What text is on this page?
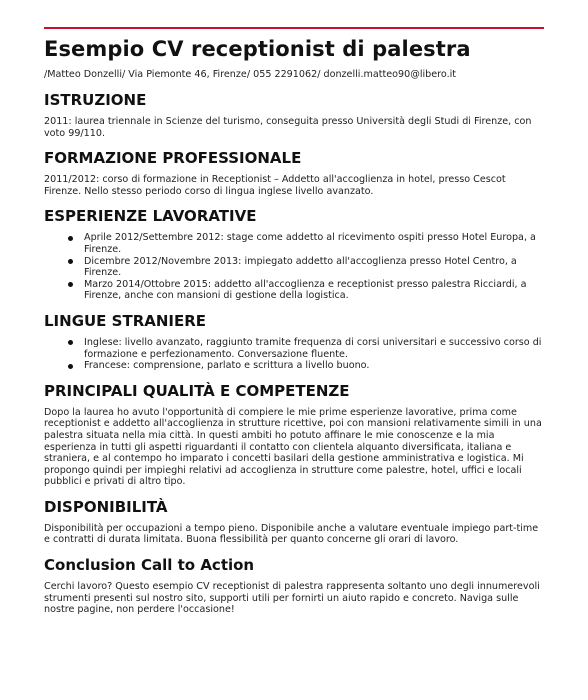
Esempio CV receptionist di palestra

/Matteo Donzelli/ Via Piemonte 46, Firenze/ 055 2291062/ donzelli.matteo90@libero.it

ISTRUZIONE

2011: laurea triennale in Scienze del turismo, conseguita presso Università degli Studi di Firenze, con voto 99/110.

FORMAZIONE PROFESSIONALE

2011/2012: corso di formazione in Receptionist – Addetto all'accoglienza in hotel, presso Cescot Firenze. Nello stesso periodo corso di lingua inglese livello avanzato.

ESPERIENZE LAVORATIVE
Aprile 2012/Settembre 2012: stage come addetto al ricevimento ospiti presso Hotel Europa, a Firenze.
Dicembre 2012/Novembre 2013: impiegato addetto all'accoglienza presso Hotel Centro, a Firenze.
Marzo 2014/Ottobre 2015: addetto all'accoglienza e receptionist presso palestra Ricciardi, a Firenze, anche con mansioni di gestione della logistica.
LINGUE STRANIERE
Inglese: livello avanzato, raggiunto tramite frequenza di corsi universitari e successivo corso di formazione e perfezionamento. Conversazione fluente.
Francese: comprensione, parlato e scrittura a livello buono.
PRINCIPALI QUALITÀ E COMPETENZE

Dopo la laurea ho avuto l'opportunità di compiere le mie prime esperienze lavorative, prima come receptionist e addetto all'accoglienza in strutture ricettive, poi con mansioni relativamente simili in una palestra situata nella mia città. In questi ambiti ho potuto affinare le mie conoscenze e la mia esperienza in tutti gli aspetti riguardanti il contatto con clientela alquanto diversificata, italiana e straniera, e al contempo ho imparato i concetti basilari della gestione amministrativa e logistica. Mi propongo quindi per impieghi relativi ad accoglienza in strutture come palestre, hotel, uffici e locali pubblici e privati di altro tipo.

DISPONIBILITÀ

Disponibilità per occupazioni a tempo pieno. Disponibile anche a valutare eventuale impiego part-time e contratti di durata limitata. Buona flessibilità per quanto concerne gli orari di lavoro.

Conclusion Call to Action

Cerchi lavoro? Questo esempio CV receptionist di palestra rappresenta soltanto uno degli innumerevoli strumenti presenti sul nostro sito, supporti utili per fornirti un aiuto rapido e concreto. Naviga sulle nostre pagine, non perdere l'occasione!
